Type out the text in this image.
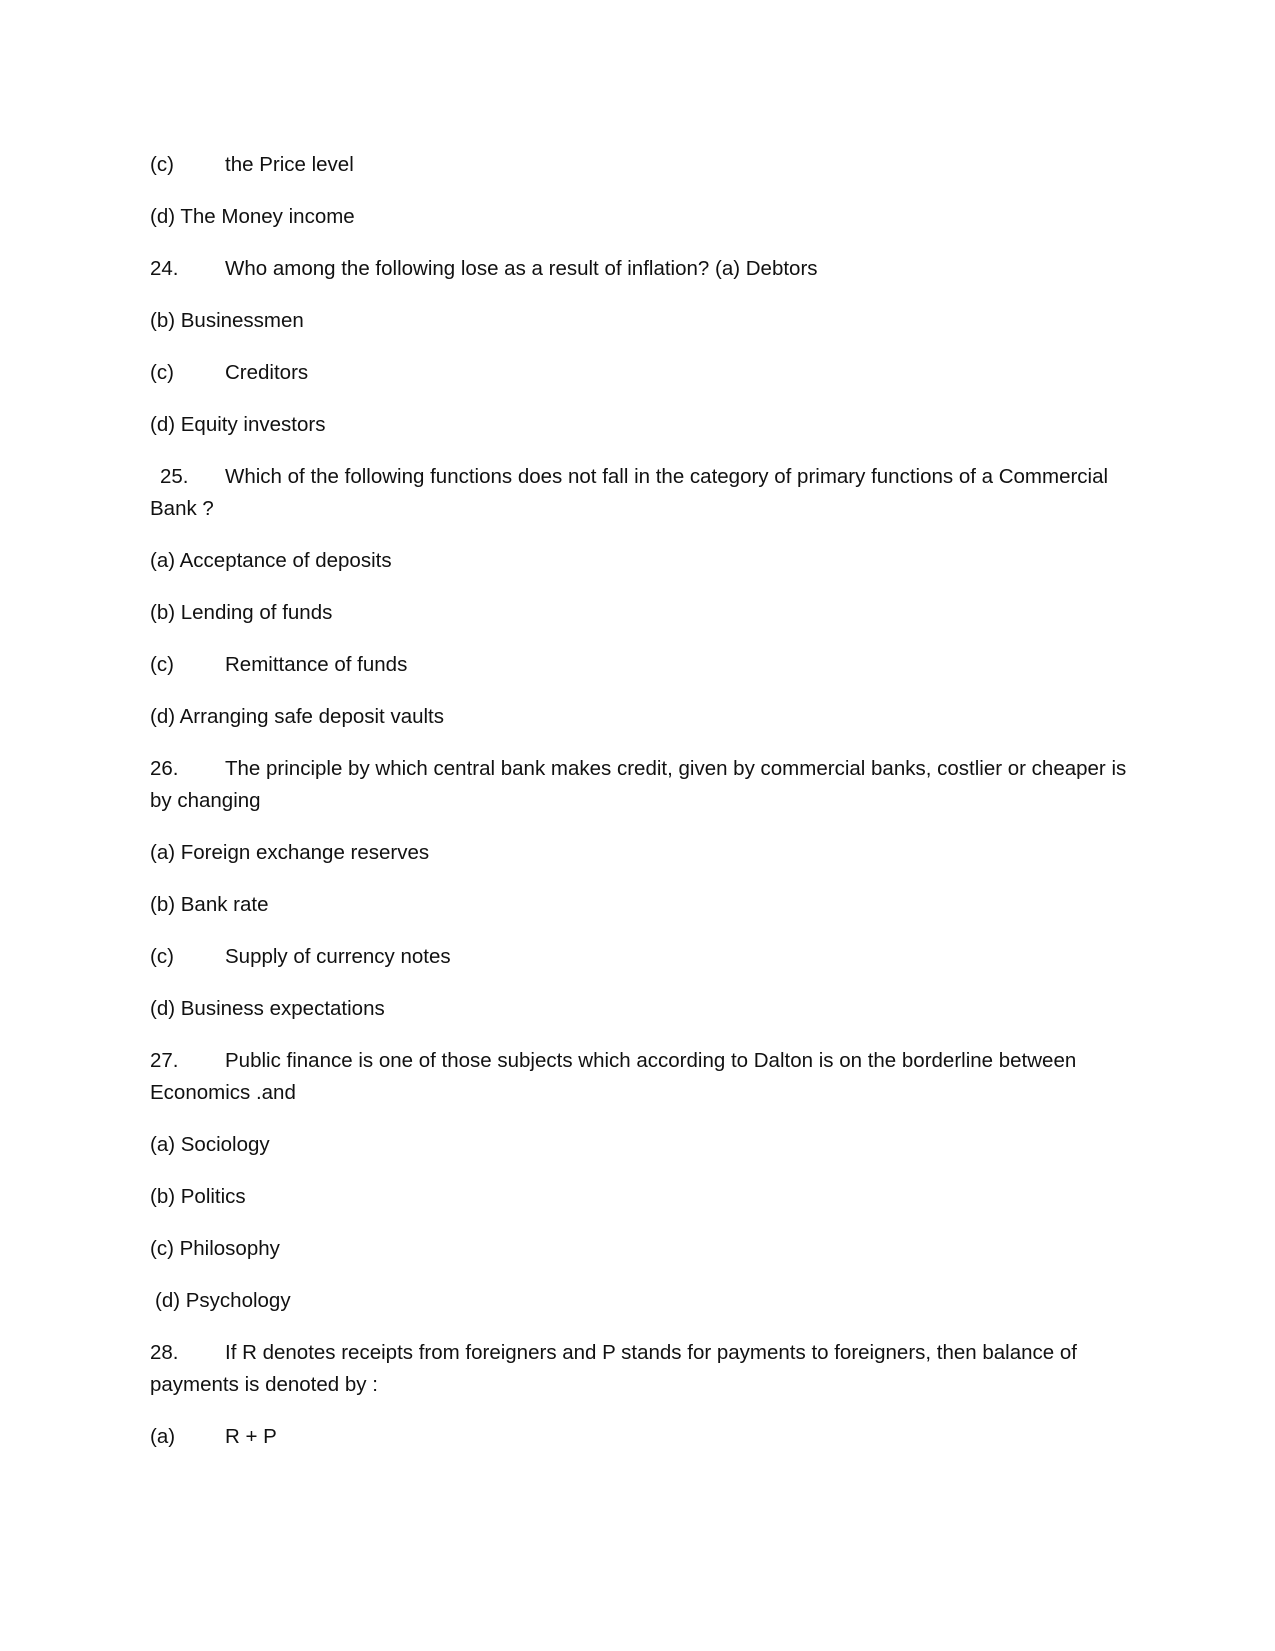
(c) the Price level
(d) The Money income
24. Who among the following lose as a result of inflation? (a) Debtors
(b) Businessmen
(c) Creditors
(d) Equity investors
25. Which of the following functions does not fall in the category of primary functions of a Commercial Bank ?
(a) Acceptance of deposits
(b) Lending of funds
(c) Remittance of funds
(d) Arranging safe deposit vaults
26. The principle by which central bank makes credit, given by commercial banks, costlier or cheaper is by changing
(a) Foreign exchange reserves
(b) Bank rate
(c) Supply of currency notes
(d) Business expectations
27. Public finance is one of those subjects which according to Dalton is on the borderline between Economics .and
(a) Sociology
(b) Politics
(c) Philosophy
(d) Psychology
28. If R denotes receipts from foreigners and P stands for payments to foreigners, then balance of payments is denoted by :
(a) R + P
